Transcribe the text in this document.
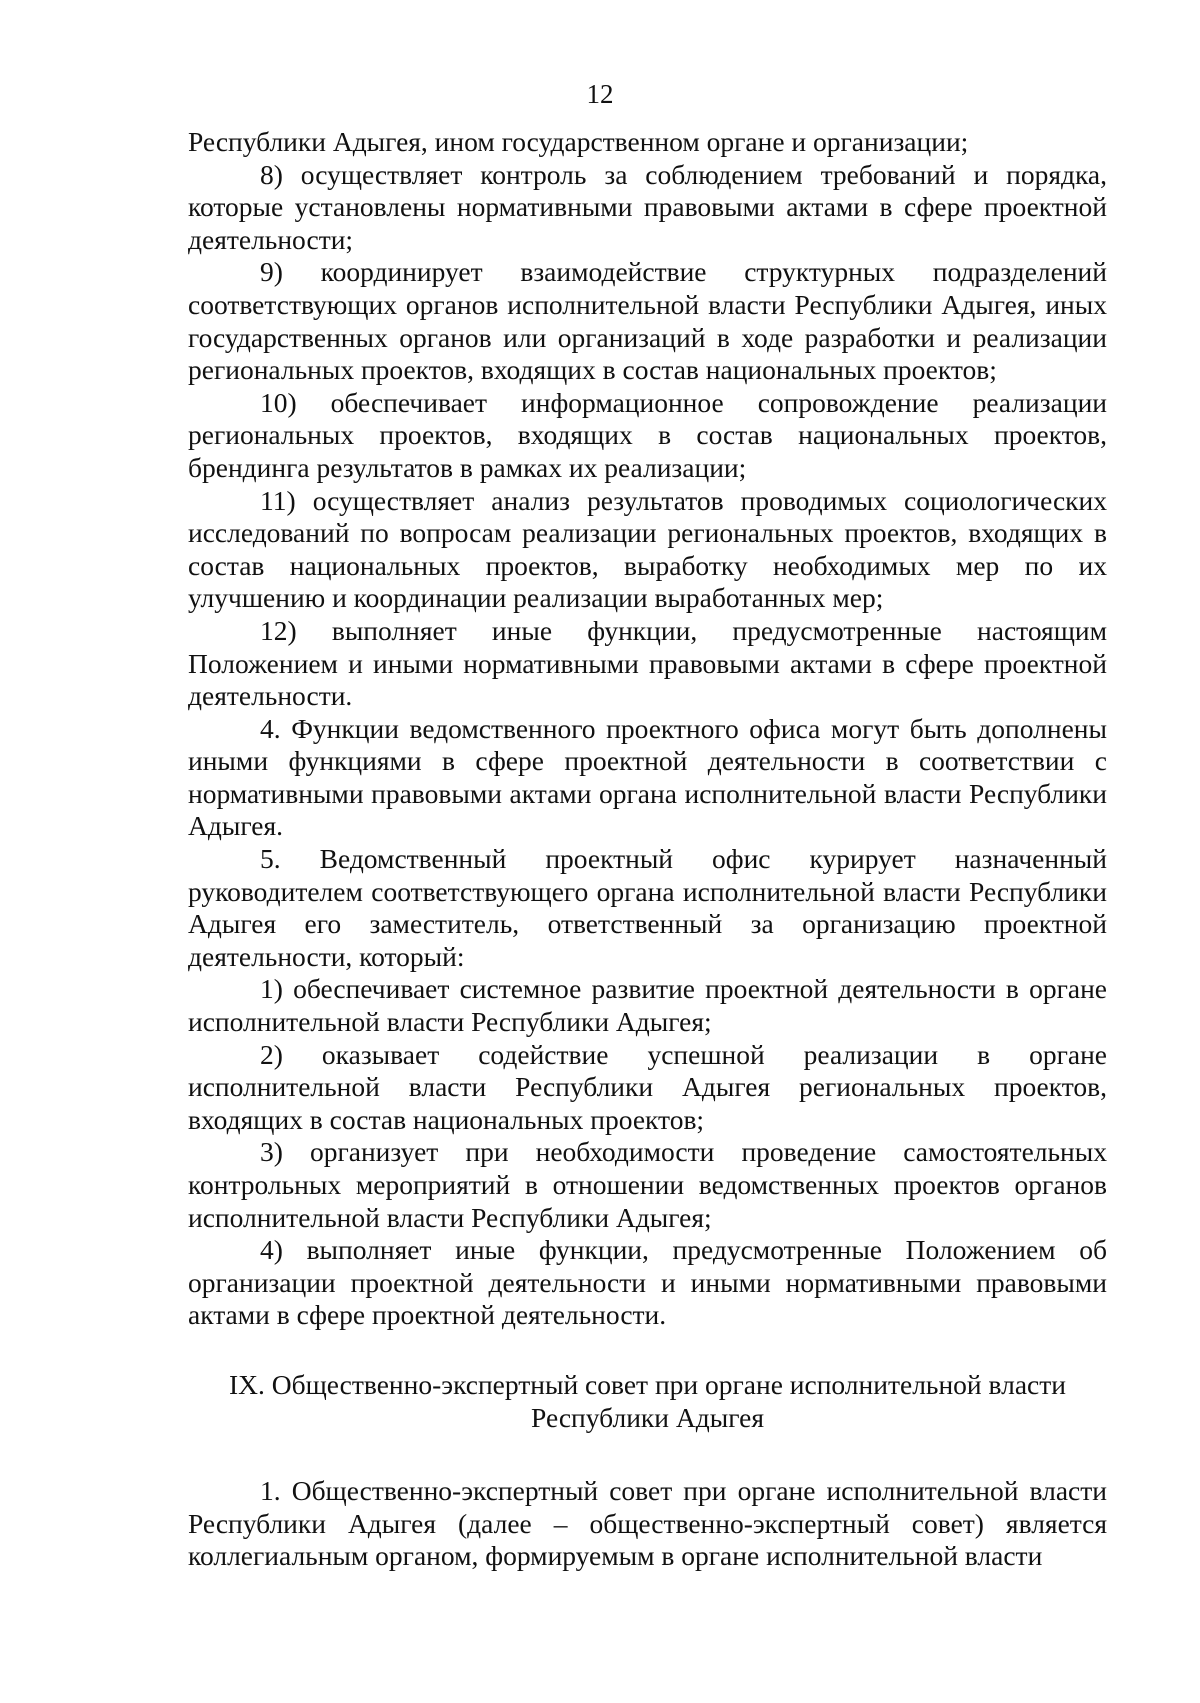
12

Республики Адыгея, ином государственном органе и организации;

8) осуществляет контроль за соблюдением требований и порядка, которые установлены нормативными правовыми актами в сфере проектной деятельности;

9) координирует взаимодействие структурных подразделений соответствующих органов исполнительной власти Республики Адыгея, иных государственных органов или организаций в ходе разработки и реализации региональных проектов, входящих в состав национальных проектов;

10) обеспечивает информационное сопровождение реализации региональных проектов, входящих в состав национальных проектов, брендинга результатов в рамках их реализации;

11) осуществляет анализ результатов проводимых социологических исследований по вопросам реализации региональных проектов, входящих в состав национальных проектов, выработку необходимых мер по их улучшению и координации реализации выработанных мер;

12) выполняет иные функции, предусмотренные настоящим Положением и иными нормативными правовыми актами в сфере проектной деятельности.

4. Функции ведомственного проектного офиса могут быть дополнены иными функциями в сфере проектной деятельности в соответствии с нормативными правовыми актами органа исполнительной власти Республики Адыгея.

5. Ведомственный проектный офис курирует назначенный руководителем соответствующего органа исполнительной власти Республики Адыгея его заместитель, ответственный за организацию проектной деятельности, который:

1) обеспечивает системное развитие проектной деятельности в органе исполнительной власти Республики Адыгея;

2) оказывает содействие успешной реализации в органе исполнительной власти Республики Адыгея региональных проектов, входящих в состав национальных проектов;

3) организует при необходимости проведение самостоятельных контрольных мероприятий в отношении ведомственных проектов органов исполнительной власти Республики Адыгея;

4) выполняет иные функции, предусмотренные Положением об организации проектной деятельности и иными нормативными правовыми актами в сфере проектной деятельности.

IX. Общественно-экспертный совет при органе исполнительной власти
Республики Адыгея

1. Общественно-экспертный совет при органе исполнительной власти Республики Адыгея (далее – общественно-экспертный совет) является коллегиальным органом, формируемым в органе исполнительной власти
